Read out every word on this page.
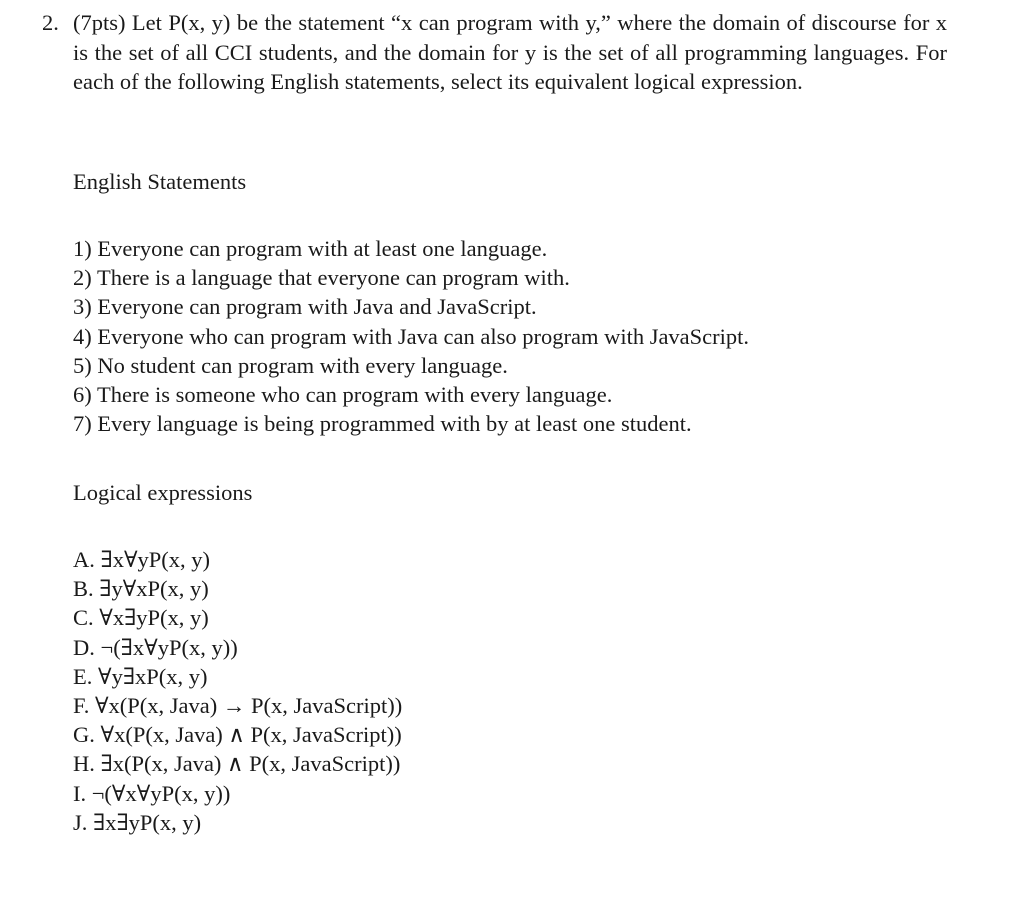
2. (7pts) Let P(x, y) be the statement “x can program with y,” where the domain of discourse for x is the set of all CCI students, and the domain for y is the set of all programming languages. For each of the following English statements, select its equivalent logical expression.
English Statements
1) Everyone can program with at least one language.
2) There is a language that everyone can program with.
3) Everyone can program with Java and JavaScript.
4) Everyone who can program with Java can also program with JavaScript.
5) No student can program with every language.
6) There is someone who can program with every language.
7) Every language is being programmed with by at least one student.
Logical expressions
A. ∃x∀yP(x, y)
B. ∃y∀xP(x, y)
C. ∀x∃yP(x, y)
D. ¬(∃x∀yP(x, y))
E. ∀y∃xP(x, y)
F. ∀x(P(x, Java) → P(x, JavaScript))
G. ∀x(P(x, Java) ∧ P(x, JavaScript))
H. ∃x(P(x, Java) ∧ P(x, JavaScript))
I. ¬(∀x∀yP(x, y))
J. ∃x∃yP(x, y)
